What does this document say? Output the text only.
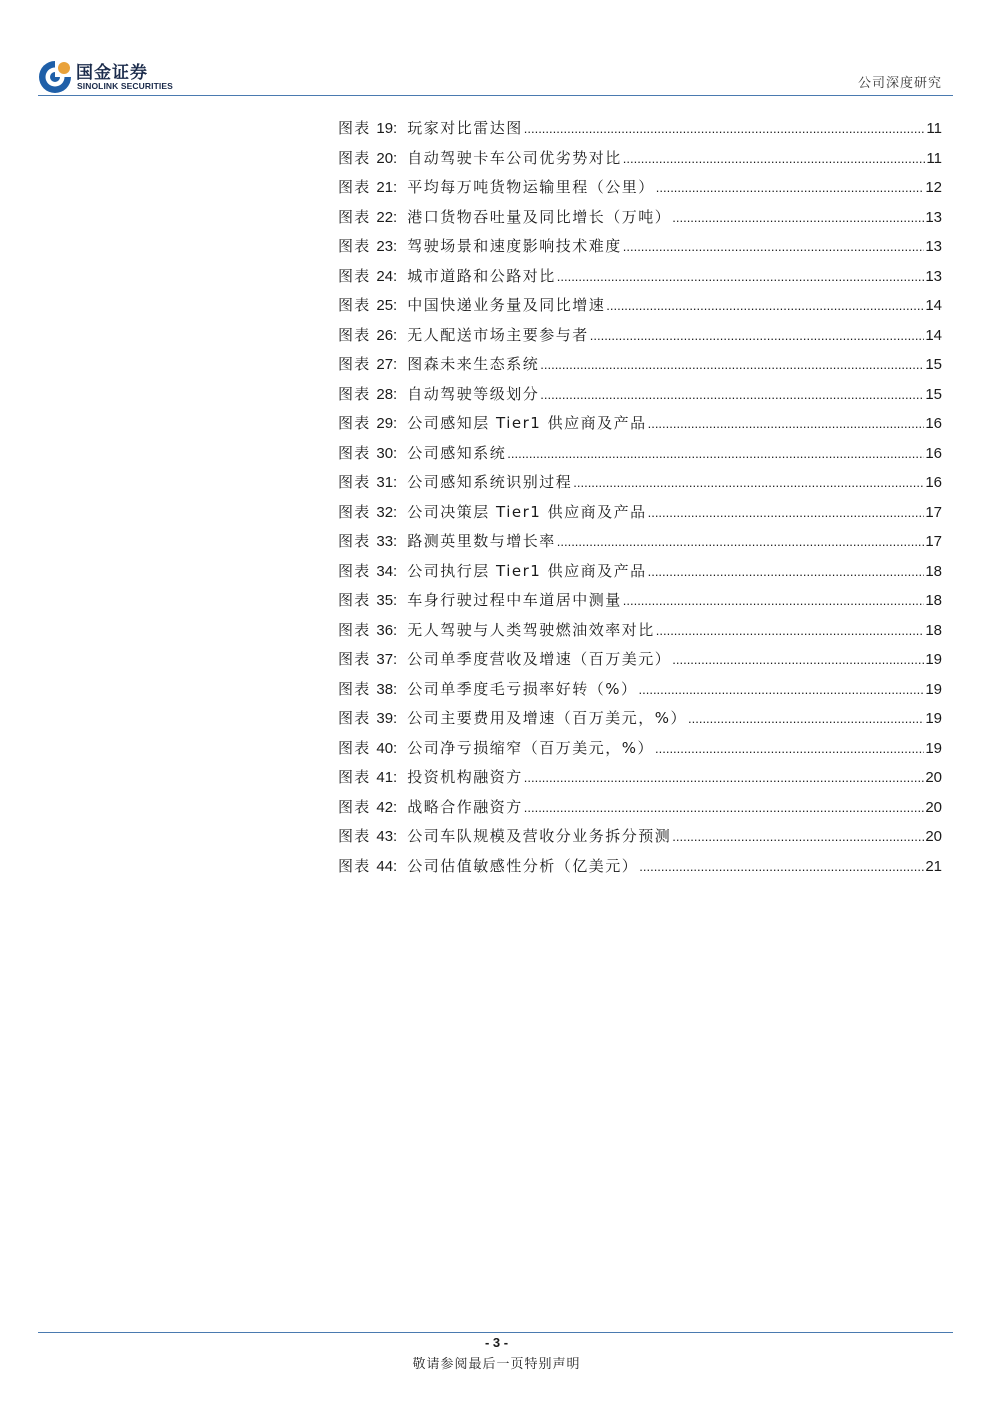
国金证券
SINOLINK SECURITIES	公司深度研究
图表 19: 玩家对比雷达图 .....	11
图表 20: 自动驾驶卡车公司优劣势对比 .....	11
图表 21: 平均每万吨货物运输里程（公里） .....	12
图表 22: 港口货物吞吐量及同比增长（万吨） .....	13
图表 23: 驾驶场景和速度影响技术难度 .....	13
图表 24: 城市道路和公路对比 .....	13
图表 25: 中国快递业务量及同比增速 .....	14
图表 26: 无人配送市场主要参与者 .....	14
图表 27: 图森未来生态系统 .....	15
图表 28: 自动驾驶等级划分 .....	15
图表 29: 公司感知层 Tier1 供应商及产品 .....	16
图表 30: 公司感知系统 .....	16
图表 31: 公司感知系统识别过程 .....	16
图表 32: 公司决策层 Tier1 供应商及产品 .....	17
图表 33: 路测英里数与增长率 .....	17
图表 34: 公司执行层 Tier1 供应商及产品 .....	18
图表 35: 车身行驶过程中车道居中测量 .....	18
图表 36: 无人驾驶与人类驾驶燃油效率对比 .....	18
图表 37: 公司单季度营收及增速（百万美元） .....	19
图表 38: 公司单季度毛亏损率好转（%） .....	19
图表 39: 公司主要费用及增速（百万美元，%） .....	19
图表 40: 公司净亏损缩窄（百万美元，%） .....	19
图表 41: 投资机构融资方 .....	20
图表 42: 战略合作融资方 .....	20
图表 43: 公司车队规模及营收分业务拆分预测 .....	20
图表 44: 公司估值敏感性分析（亿美元） .....	21
- 3 -
敬请参阅最后一页特别声明
